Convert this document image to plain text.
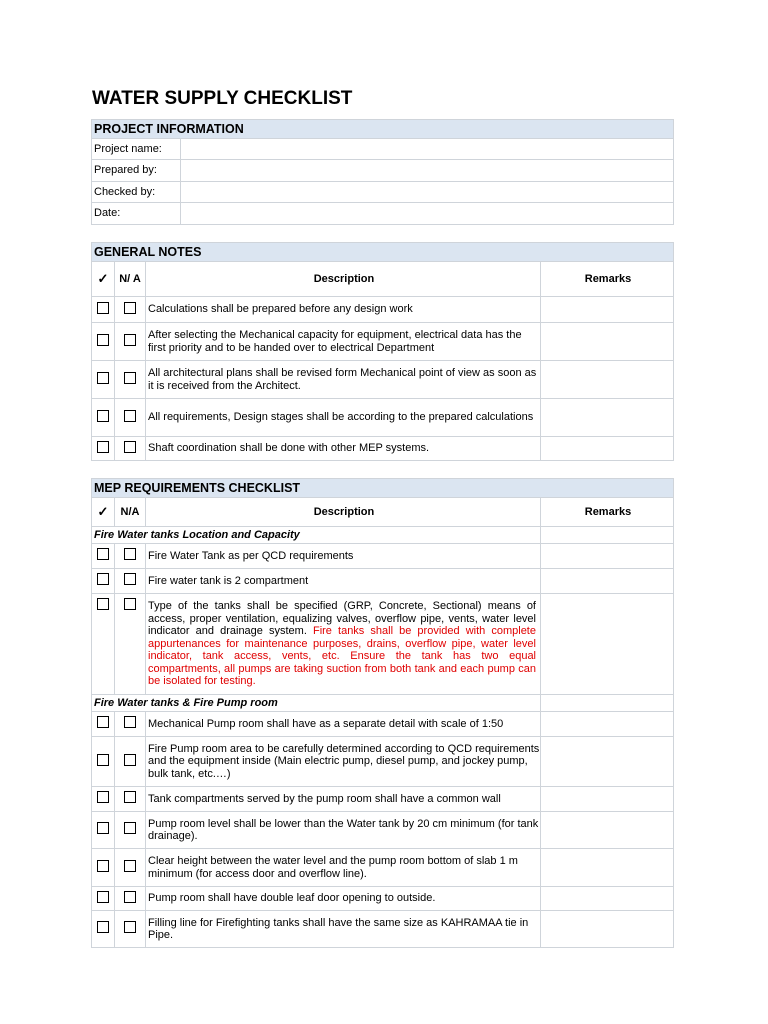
WATER SUPPLY CHECKLIST
PROJECT INFORMATION	
Project name:	
Prepared by:	
Checked by:	
Date:	
GENERAL NOTES			
✓	N/ A	Description	Remarks
		Calculations shall be prepared before any design work	
		After selecting the Mechanical capacity for equipment, electrical data has the first priority and to be handed over to electrical Department	
		All architectural plans shall be revised form Mechanical point of view as soon as it is received from the Architect.	
		All requirements, Design stages shall be according to the prepared calculations	
		Shaft coordination shall be done with other MEP systems.	
MEP REQUIREMENTS CHECKLIST			
✓	N/A	Description	Remarks
Fire Water tanks Location and Capacity			
		Fire Water Tank as per QCD requirements	
		Fire water tank is 2 compartment	
		Type of the tanks shall be specified (GRP, Concrete, Sectional) means of access, proper ventilation, equalizing valves, overflow pipe, vents, water level indicator and drainage system. Fire tanks shall be provided with complete appurtenances for maintenance purposes, drains, overflow pipe, water level indicator, tank access, vents, etc. Ensure the tank has two equal compartments, all pumps are taking suction from both tank and each pump can be isolated for testing.	
Fire Water tanks & Fire Pump room			
		Mechanical Pump room shall have as a separate detail with scale of 1:50	
		Fire Pump room area to be carefully determined according to QCD requirements and the equipment inside (Main electric pump, diesel pump, and jockey pump, bulk tank, etc.…)	
		Tank compartments served by the pump room shall have a common wall	
		Pump room level shall be lower than the Water tank by 20 cm minimum (for tank drainage).	
		Clear height between the water level and the pump room bottom of slab 1 m minimum (for access door and overflow line).	
		Pump room shall have double leaf door opening to outside.	
		Filling line for Firefighting tanks shall have the same size as KAHRAMAA tie in Pipe.	
